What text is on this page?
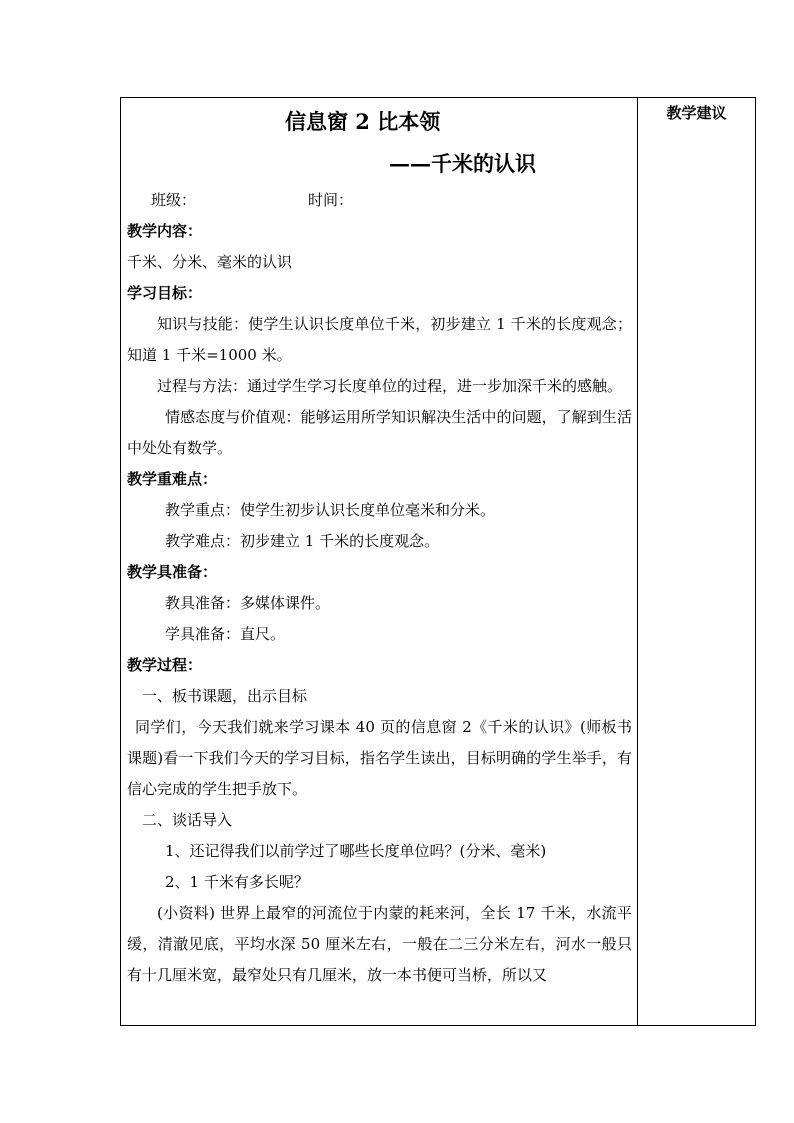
教学建议
信息窗 2 比本领
——千米的认识

班级：	时间：

教学内容：

千米、分米、毫米的认识

学习目标：

知识与技能：使学生认识长度单位千米，初步建立 1 千米的长度观念；知道 1 千米=1000 米。

过程与方法：通过学生学习长度单位的过程，进一步加深千米的感触。

情感态度与价值观：能够运用所学知识解决生活中的问题，了解到生活中处处有数学。

教学重难点：

教学重点：使学生初步认识长度单位毫米和分米。

教学难点：初步建立 1 千米的长度观念。

教学具准备：

教具准备：多媒体课件。

学具准备：直尺。

教学过程：

一、板书课题，出示目标

同学们，今天我们就来学习课本 40 页的信息窗 2《千米的认识》(师板书课题)看一下我们今天的学习目标，指名学生读出，目标明确的学生举手，有信心完成的学生把手放下。

二、谈话导入

1、还记得我们以前学过了哪些长度单位吗？(分米、毫米)

2、1 千米有多长呢？

(小资料) 世界上最窄的河流位于内蒙的耗来河，全长 17 千米，水流平缓，清澈见底，平均水深 50 厘米左右，一般在二三分米左右，河水一般只有十几厘米宽，最窄处只有几厘米，放一本书便可当桥，所以又
